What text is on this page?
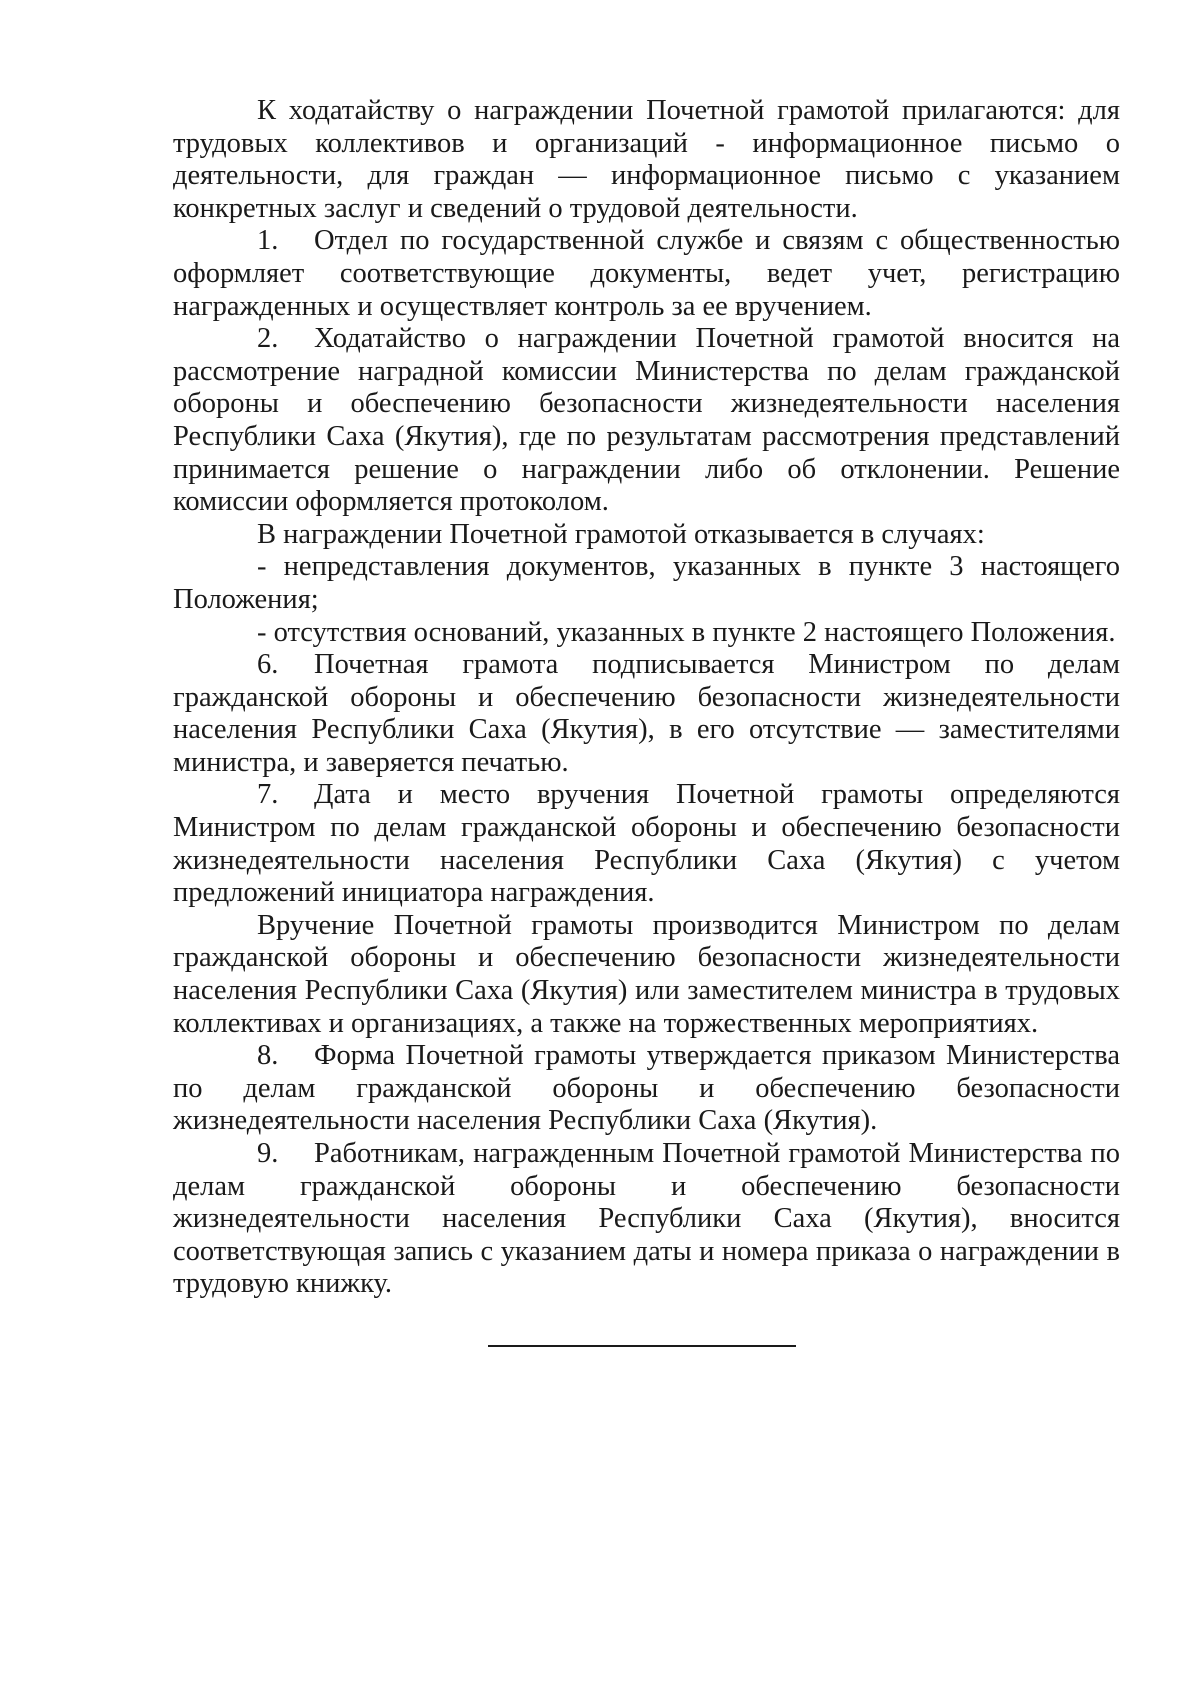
К ходатайству о награждении Почетной грамотой прилагаются: для трудовых коллективов и организаций - информационное письмо о деятельности, для граждан — информационное письмо с указанием конкретных заслуг и сведений о трудовой деятельности.

1. Отдел по государственной службе и связям с общественностью оформляет соответствующие документы, ведет учет, регистрацию награжденных и осуществляет контроль за ее вручением.

2. Ходатайство о награждении Почетной грамотой вносится на рассмотрение наградной комиссии Министерства по делам гражданской обороны и обеспечению безопасности жизнедеятельности населения Республики Саха (Якутия), где по результатам рассмотрения представлений принимается решение о награждении либо об отклонении. Решение комиссии оформляется протоколом.

В награждении Почетной грамотой отказывается в случаях:

- непредставления документов, указанных в пункте 3 настоящего Положения;

- отсутствия оснований, указанных в пункте 2 настоящего Положения.

6. Почетная грамота подписывается Министром по делам гражданской обороны и обеспечению безопасности жизнедеятельности населения Республики Саха (Якутия), в его отсутствие — заместителями министра, и заверяется печатью.

7. Дата и место вручения Почетной грамоты определяются Министром по делам гражданской обороны и обеспечению безопасности жизнедеятельности населения Республики Саха (Якутия) с учетом предложений инициатора награждения.

Вручение Почетной грамоты производится Министром по делам гражданской обороны и обеспечению безопасности жизнедеятельности населения Республики Саха (Якутия) или заместителем министра в трудовых коллективах и организациях, а также на торжественных мероприятиях.

8. Форма Почетной грамоты утверждается приказом Министерства по делам гражданской обороны и обеспечению безопасности жизнедеятельности населения Республики Саха (Якутия).

9. Работникам, награжденным Почетной грамотой Министерства по делам гражданской обороны и обеспечению безопасности жизнедеятельности населения Республики Саха (Якутия), вносится соответствующая запись с указанием даты и номера приказа о награждении в трудовую книжку.
